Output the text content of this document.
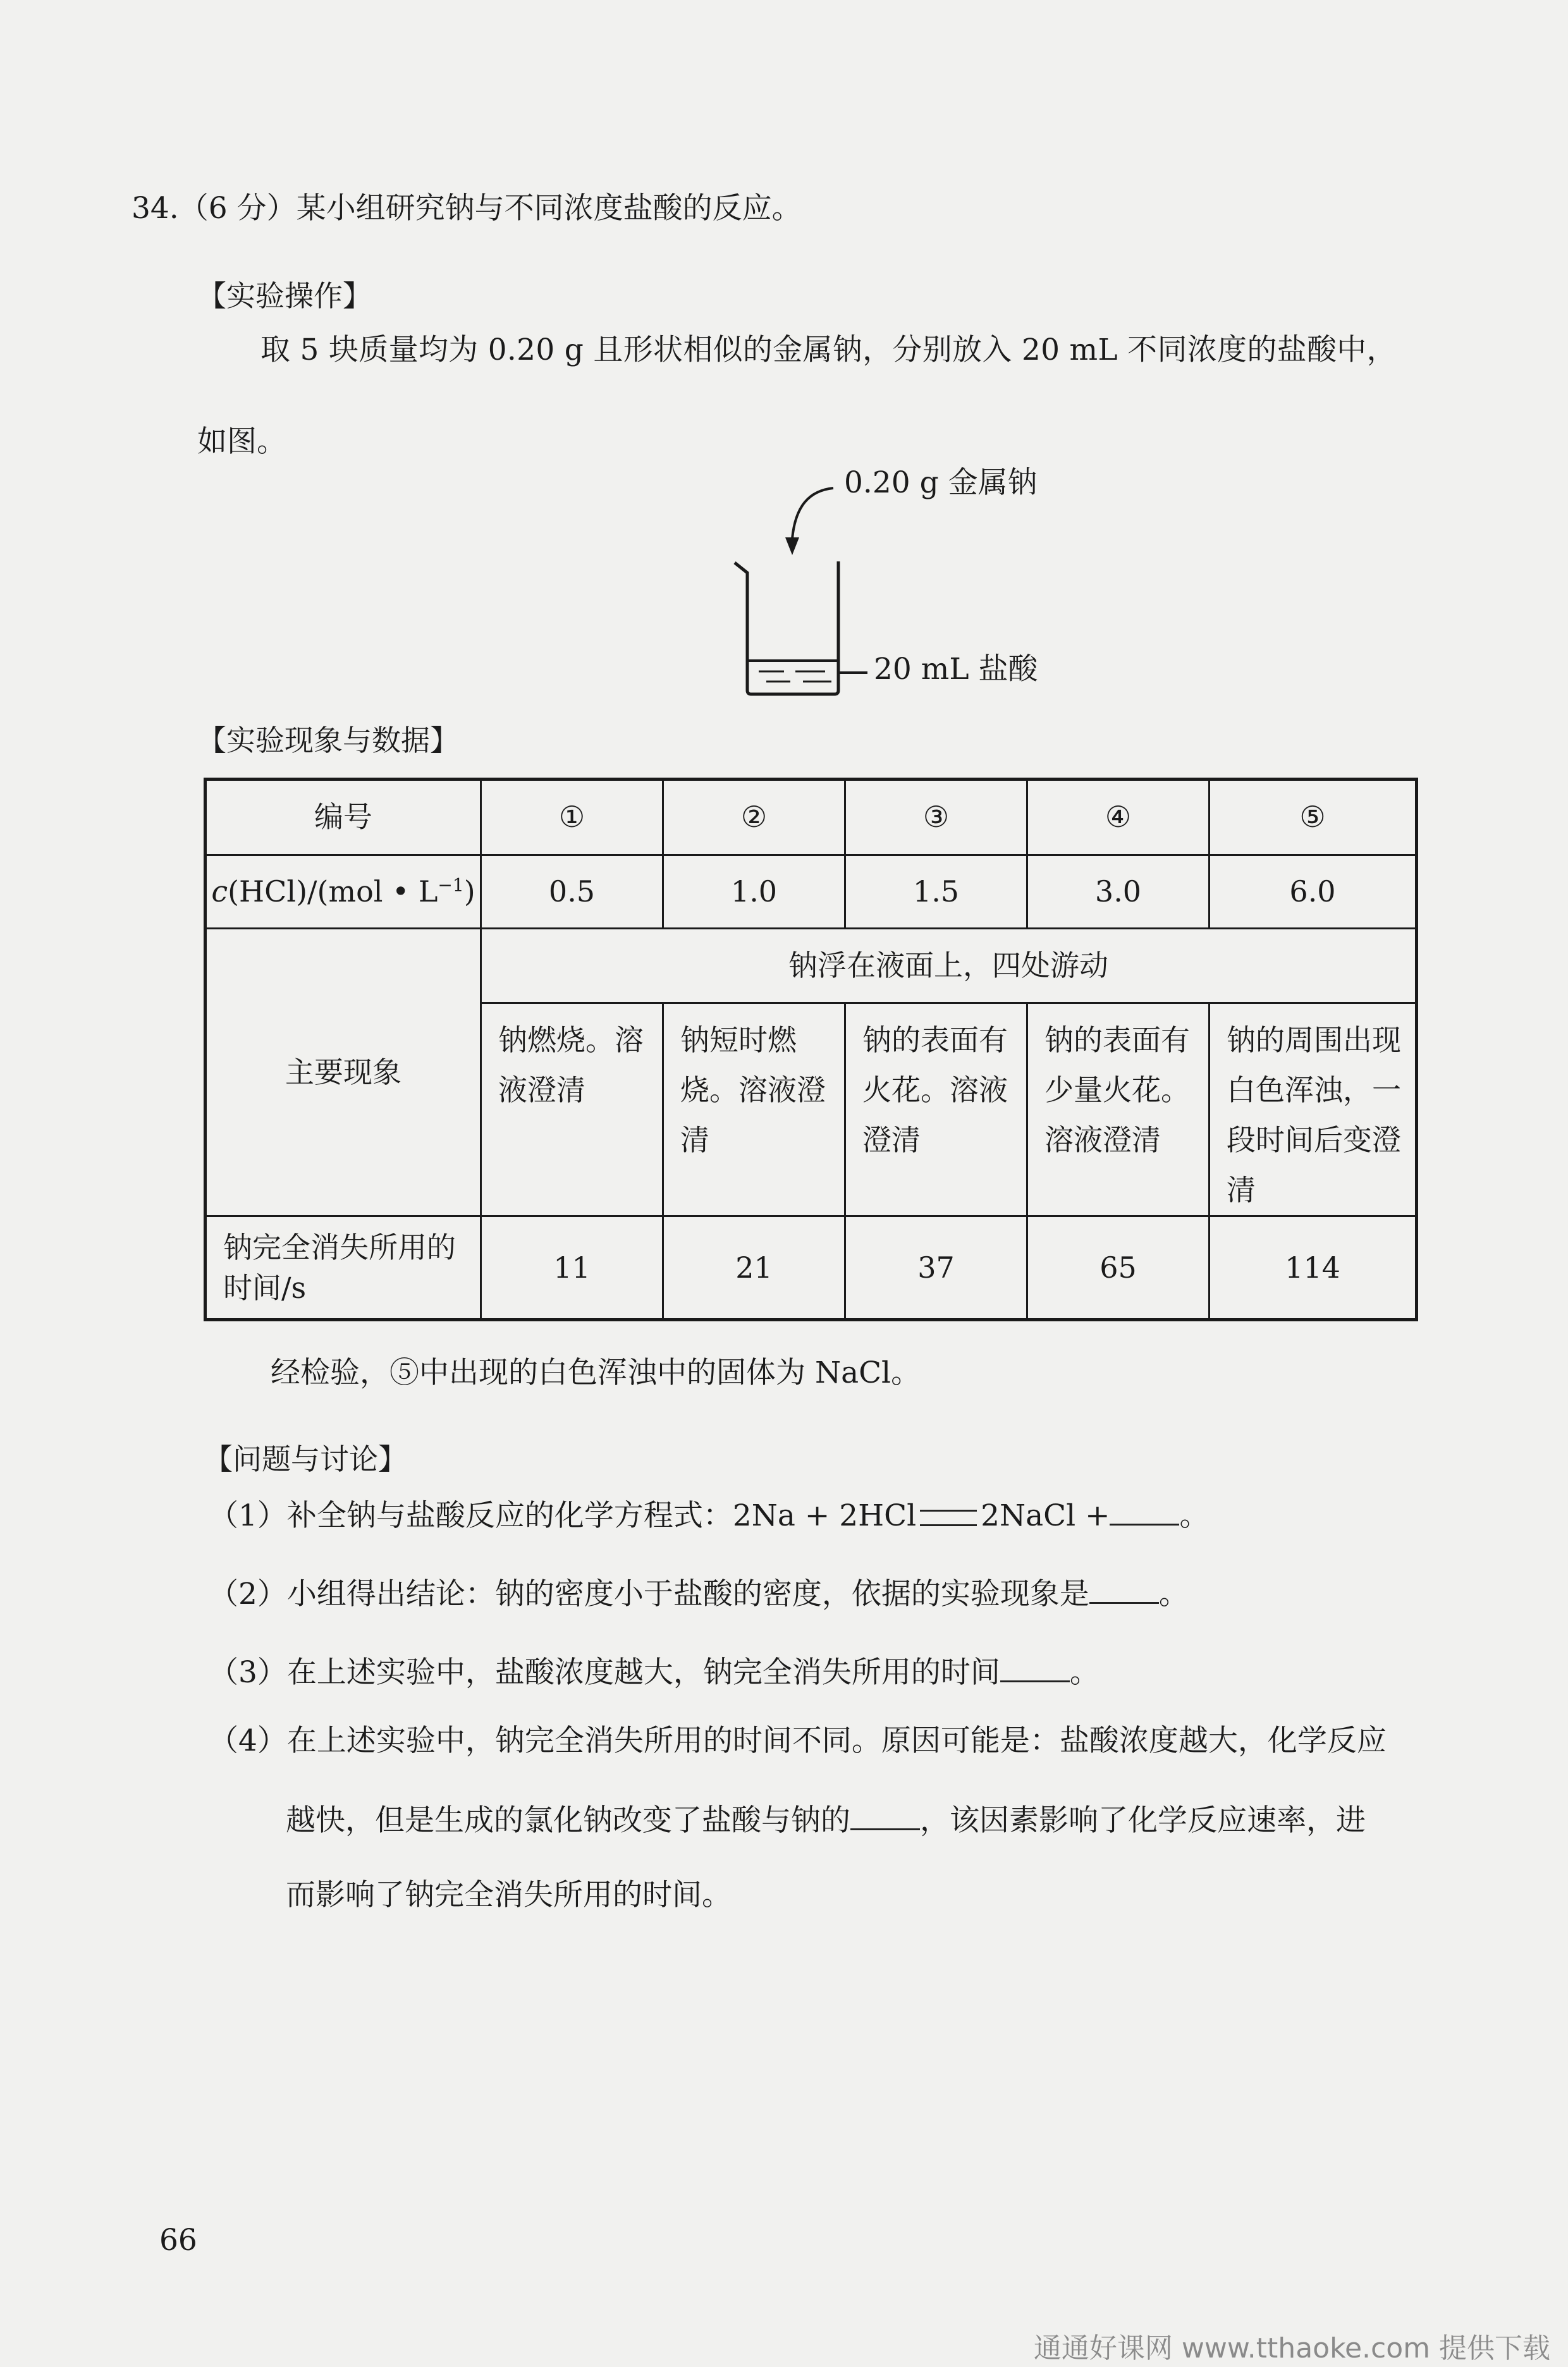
34.（6 分）某小组研究钠与不同浓度盐酸的反应。
【实验操作】
取 5 块质量均为 0.20 g 且形状相似的金属钠，分别放入 20 mL 不同浓度的盐酸中，
如图。
0.20 g 金属钠
20 mL 盐酸
【实验现象与数据】
编号	①	②	③	④	⑤
c(HCl)/(mol • $L^{-1}$)	0.5	1.0	1.5	3.0	6.0
主要现象	钠浮在液面上，四处游动				
	钠燃烧。溶液澄清	钠短时燃烧。溶液澄清	钠的表面有火花。溶液澄清	钠的表面有少量火花。溶液澄清	钠的周围出现白色浑浊，一段时间后变澄清

钠完全消失所用的时间/s	11	21	37	65	114
经检验，⑤中出现的白色浑浊中的固体为 NaCl。
【问题与讨论】
（1）补全钠与盐酸反应的化学方程式：2Na + 2HCl 2NaCl + 。
（2）小组得出结论：钠的密度小于盐酸的密度，依据的实验现象是 。
（3）在上述实验中，盐酸浓度越大，钠完全消失所用的时间 。
（4）在上述实验中，钠完全消失所用的时间不同。原因可能是：盐酸浓度越大，化学反应
越快，但是生成的氯化钠改变了盐酸与钠的 ，该因素影响了化学反应速率，进
而影响了钠完全消失所用的时间。
66
通通好课网 www.tthaoke.com 提供下载
